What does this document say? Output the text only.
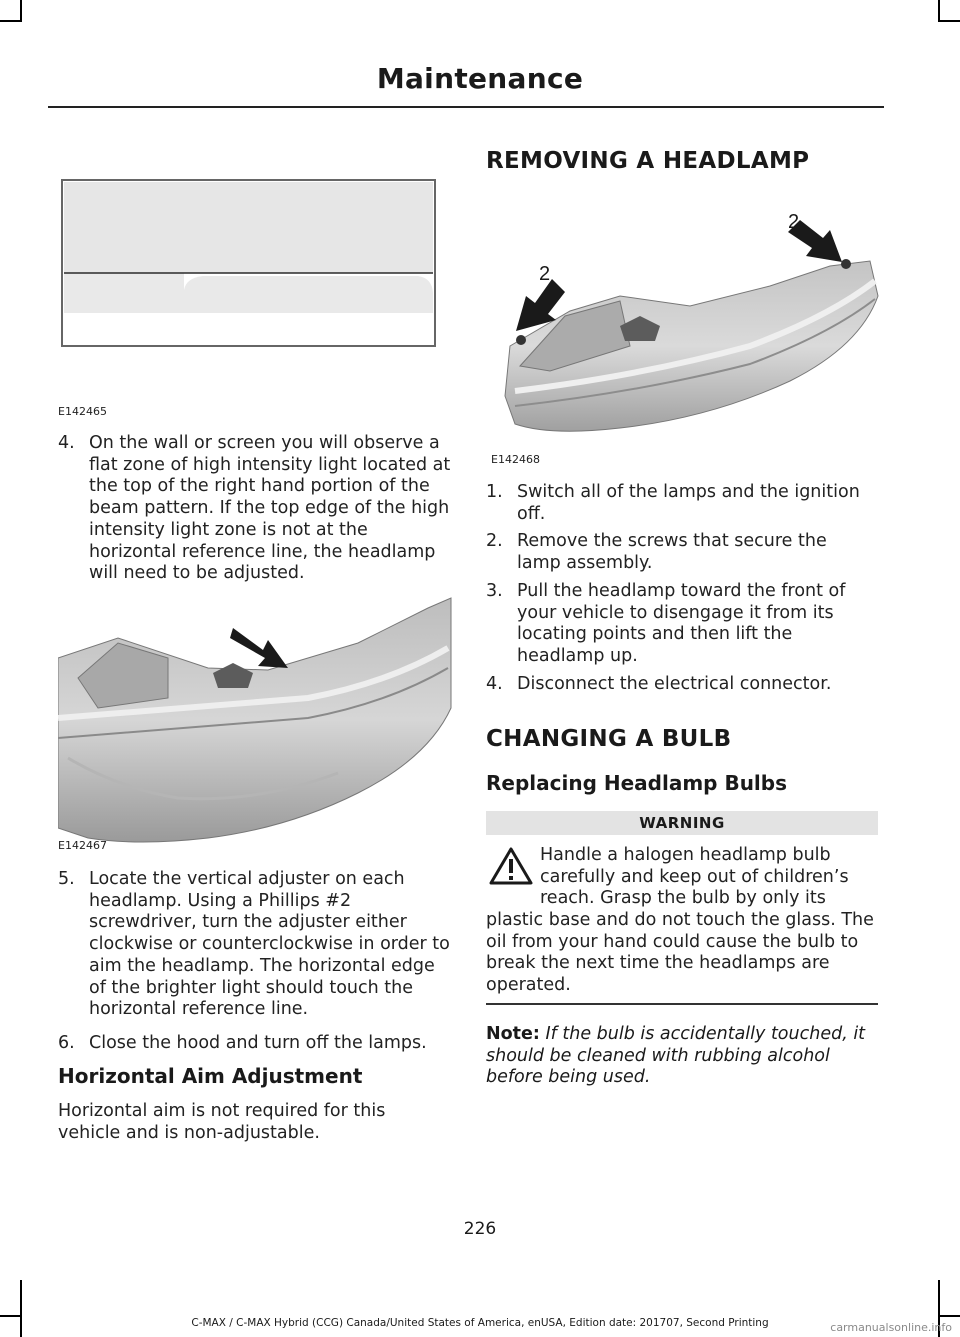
Maintenance
E142465
4. On the wall or screen you will observe a flat zone of high intensity light located at the top of the right hand portion of the beam pattern. If the top edge of the high intensity light zone is not at the horizontal reference line, the headlamp will need to be adjusted.
E142467
5. Locate the vertical adjuster on each headlamp. Using a Phillips #2 screwdriver, turn the adjuster either clockwise or counterclockwise in order to aim the headlamp. The horizontal edge of the brighter light should touch the horizontal reference line.
6. Close the hood and turn off the lamps.
Horizontal Aim Adjustment
Horizontal aim is not required for this vehicle and is non-adjustable.
REMOVING A HEADLAMP
2
2
E142468
1. Switch all of the lamps and the ignition off.
2. Remove the screws that secure the lamp assembly.
3. Pull the headlamp toward the front of your vehicle to disengage it from its locating points and then lift the headlamp up.
4. Disconnect the electrical connector.
CHANGING A BULB
Replacing Headlamp Bulbs
WARNING
Handle a halogen headlamp bulb carefully and keep out of children’s reach. Grasp the bulb by only its
plastic base and do not touch the glass. The oil from your hand could cause the bulb to break the next time the headlamps are operated.
Note: If the bulb is accidentally touched, it should be cleaned with rubbing alcohol before being used.
226
C-MAX / C-MAX Hybrid (CCG) Canada/United States of America, enUSA, Edition date: 201707, Second Printing	carmanualsonline.info
